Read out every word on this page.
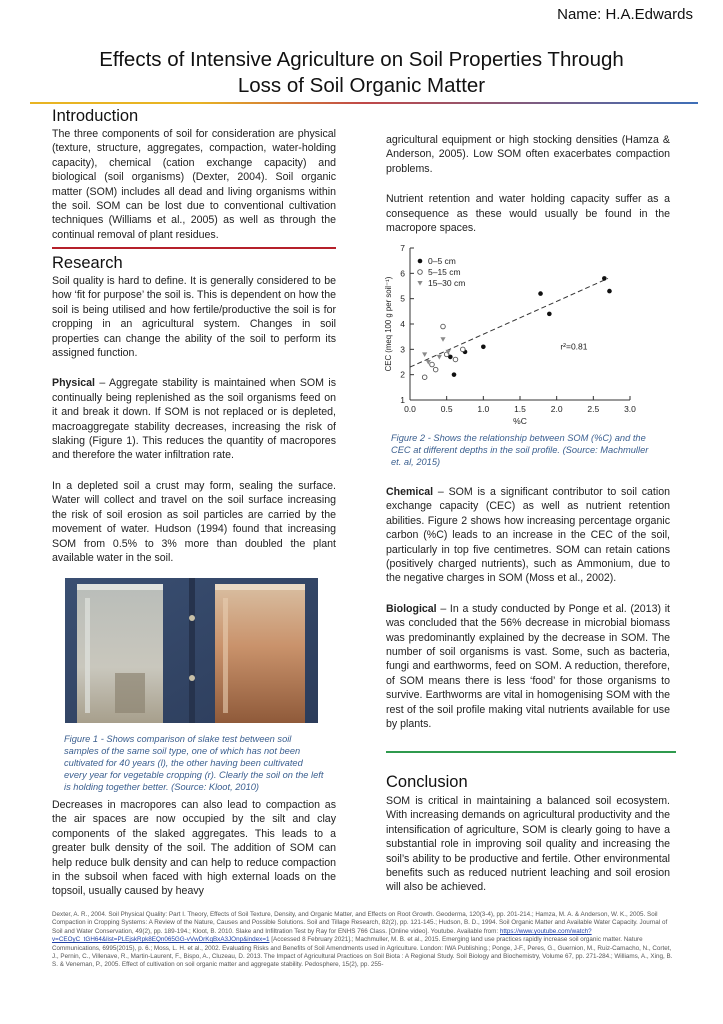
Name: H.A.Edwards
Effects of Intensive Agriculture on Soil Properties Through
Loss of Soil Organic Matter
Introduction

The three components of soil for consideration are physical (texture, structure, aggregates, compaction, water-holding capacity), chemical (cation exchange capacity) and biological (soil organisms) (Dexter, 2004). Soil organic matter (SOM) includes all dead and living organisms within the soil. SOM can be lost due to conventional cultivation techniques (Williams et al., 2005) as well as through the continual removal of plant residues.

Research

Soil quality is hard to define. It is generally considered to be how ‘fit for purpose’ the soil is. This is dependent on how the soil is being utilised and how fertile/productive the soil is for cropping in an agricultural system. Changes in soil properties can change the ability of the soil to perform its assigned function.

Physical – Aggregate stability is maintained when SOM is continually being replenished as the soil organisms feed on it and break it down. If SOM is not replaced or is depleted, macroaggregate stability decreases, increasing the risk of slaking (Figure 1). This reduces the quantity of macropores and therefore the water infiltration rate.

In a depleted soil a crust may form, sealing the surface. Water will collect and travel on the soil surface increasing the risk of soil erosion as soil particles are carried by the movement of water. Hudson (1994) found that increasing SOM from 0.5% to 3% more than doubled the plant available water in the soil.

Figure 1 - Shows comparison of slake test between soil samples of the same soil type, one of which has not been cultivated for 40 years (l), the other having been cultivated every year for vegetable cropping (r). Clearly the soil on the left is holding together better. (Source: Kloot, 2010)

Decreases in macropores can also lead to compaction as the air spaces are now occupied by the silt and clay components of the slaked aggregates. This leads to a greater bulk density of the soil. The addition of SOM can help reduce bulk density and can help to reduce compaction in the subsoil when faced with high external loads on the topsoil, usually caused by heavy

agricultural equipment or high stocking densities (Hamza & Anderson, 2005). Low SOM often exacerbates compaction problems.

Nutrient retention and water holding capacity suffer as a consequence as these would usually be found in the macropore spaces.

1
2
3
4
5
6
7
0.0	0.5	1.0	1.5	2.0	2.5	3.0
%C
CEC (meq 100 g per soil⁻¹)
0–5 cm
5–15 cm
15–30 cm
r²=0.81
Figure 2 - Shows the relationship between SOM (%C) and the CEC at different depths in the soil profile. (Source: Machmuller et. al, 2015)

Chemical – SOM is a significant contributor to soil cation exchange capacity (CEC) as well as nutrient retention abilities. Figure 2 shows how increasing percentage organic carbon (%C) leads to an increase in the CEC of the soil, particularly in top five centimetres. SOM can retain cations (positively charged nutrients), such as Ammonium, due to the negative charges in SOM (Moss et al., 2002).

Biological – In a study conducted by Ponge et al. (2013) it was concluded that the 56% decrease in microbial biomass was predominantly explained by the decrease in SOM. The number of soil organisms is vast. Some, such as bacteria, fungi and earthworms, feed on SOM. A reduction, therefore, of SOM means there is less ‘food’ for those organisms to survive. Earthworms are vital in homogenising SOM with the rest of the soil profile making vital nutrients available for use by plants.

Conclusion

SOM is critical in maintaining a balanced soil ecosystem. With increasing demands on agricultural productivity and the intensification of agriculture, SOM is clearly going to have a substantial role in improving soil quality and increasing the soil’s ability to be productive and fertile. Other environmental benefits such as reduced nutrient leaching and soil erosion will also be achieved.

Dexter, A. R., 2004. Soil Physical Quality: Part I. Theory, Effects of Soil Texture, Density, and Organic Matter, and Effects on Root Growth. Geoderma, 120(3-4), pp. 201-214.; Hamza, M. A. & Anderson, W. K., 2005. Soil Compaction in Cropping Systems: A Review of the Nature, Causes and Possible Solutions. Soil and Tillage Research, 82(2), pp. 121-145.; Hudson, B. D., 1994. Soil Organic Matter and Available Water Capacity. Journal of Soil and Water Conservation, 49(2), pp. 189-194.; Kloot, B. 2010. Slake and Infiltration Test by Ray for ENHS 766 Class. [Online video]. Youtube. Available from: https://www.youtube.com/watch?v=CEOyC_tGH64&list=PLEjskRpk8EQn065GG-vVwDrKqBxA3JOnp&index=1 [Accessed 8 February 2021].; Machmuller, M. B. et al., 2015. Emerging land use practices rapidly increase soil organic matter. Nature Communications, 6995(2015), p. 6.; Moss, L. H. et al., 2002. Evaluating Risks and Benefits of Soil Amendments used in Agriculture. London: IWA Publishing.; Ponge, J-F., Peres, G., Guernion, M., Ruiz-Camacho, N., Cortet, J., Pernin, C., Villenave, R., Martin-Laurent, F., Bispo, A., Cluzeau, D. 2013. The Impact of Agricultural Practices on Soil Biota : A Regional Study. Soil Biology and Biochemistry, Volume 67, pp. 271-284.; Williams, A., Xing, B. S. & Veneman, P., 2005. Effect of cultivation on soil organic matter and aggregate stability. Pedosphere, 15(2), pp. 255-
